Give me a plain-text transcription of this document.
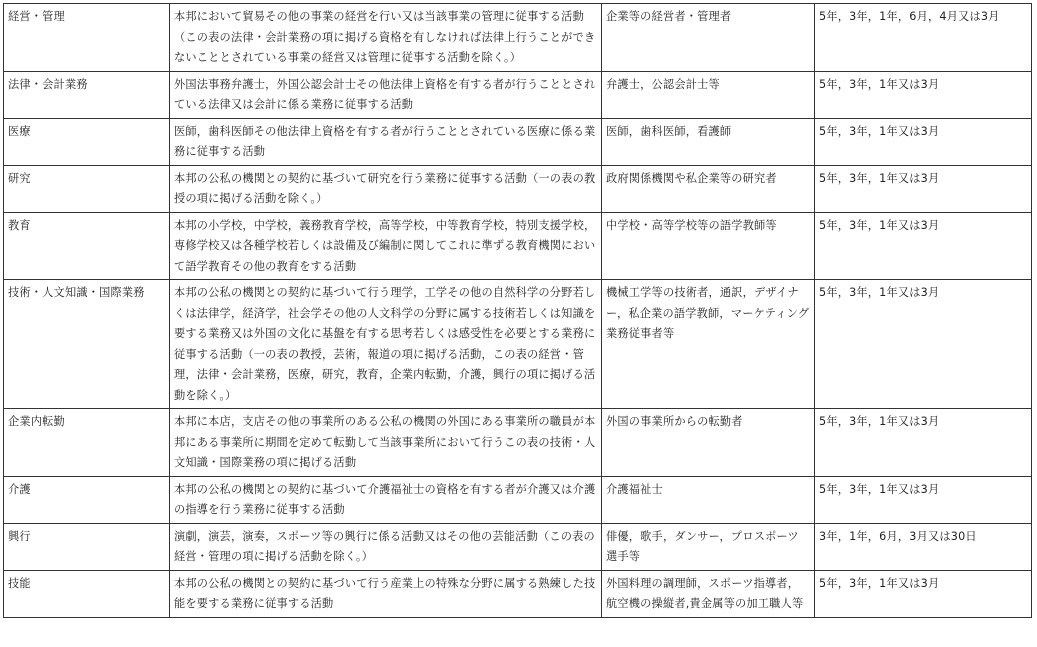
経営・管理	本邦において貿易その他の事業の経営を行い又は当該事業の管理に従事する活動（この表の法律・会計業務の項に掲げる資格を有しなければ法律上行うことができないこととされている事業の経営又は管理に従事する活動を除く。）	企業等の経営者・管理者	5年，3年，1年，6月，4月又は3月
法律・会計業務	外国法事務弁護士，外国公認会計士その他法律上資格を有する者が行うこととされている法律又は会計に係る業務に従事する活動	弁護士，公認会計士等	5年，3年，1年又は3月
医療	医師，歯科医師その他法律上資格を有する者が行うこととされている医療に係る業務に従事する活動	医師，歯科医師，看護師	5年，3年，1年又は3月
研究	本邦の公私の機関との契約に基づいて研究を行う業務に従事する活動（一の表の教授の項に掲げる活動を除く。）	政府関係機関や私企業等の研究者	5年，3年，1年又は3月
教育	本邦の小学校，中学校，義務教育学校，高等学校，中等教育学校，特別支援学校，専修学校又は各種学校若しくは設備及び編制に関してこれに準ずる教育機関において語学教育その他の教育をする活動	中学校・高等学校等の語学教師等	5年，3年，1年又は3月
技術・人文知識・国際業務	本邦の公私の機関との契約に基づいて行う理学，工学その他の自然科学の分野若しくは法律学，経済学，社会学その他の人文科学の分野に属する技術若しくは知識を要する業務又は外国の文化に基盤を有する思考若しくは感受性を必要とする業務に従事する活動（一の表の教授，芸術，報道の項に掲げる活動，この表の経営・管理，法律・会計業務，医療，研究，教育，企業内転勤，介護，興行の項に掲げる活動を除く。）	機械工学等の技術者，通訳，デザイナー，私企業の語学教師，マーケティング業務従事者等	5年，3年，1年又は3月
企業内転勤	本邦に本店，支店その他の事業所のある公私の機関の外国にある事業所の職員が本邦にある事業所に期間を定めて転勤して当該事業所において行うこの表の技術・人文知識・国際業務の項に掲げる活動	外国の事業所からの転勤者	5年，3年，1年又は3月
介護	本邦の公私の機関との契約に基づいて介護福祉士の資格を有する者が介護又は介護の指導を行う業務に従事する活動	介護福祉士	5年，3年，1年又は3月
興行	演劇，演芸，演奏，スポーツ等の興行に係る活動又はその他の芸能活動（この表の経営・管理の項に掲げる活動を除く。）	俳優，歌手，ダンサー，プロスポーツ選手等	3年，1年，6月，3月又は30日
技能	本邦の公私の機関との契約に基づいて行う産業上の特殊な分野に属する熟練した技能を要する業務に従事する活動	外国料理の調理師，スポーツ指導者，航空機の操縦者,貴金属等の加工職人等	5年，3年，1年又は3月
